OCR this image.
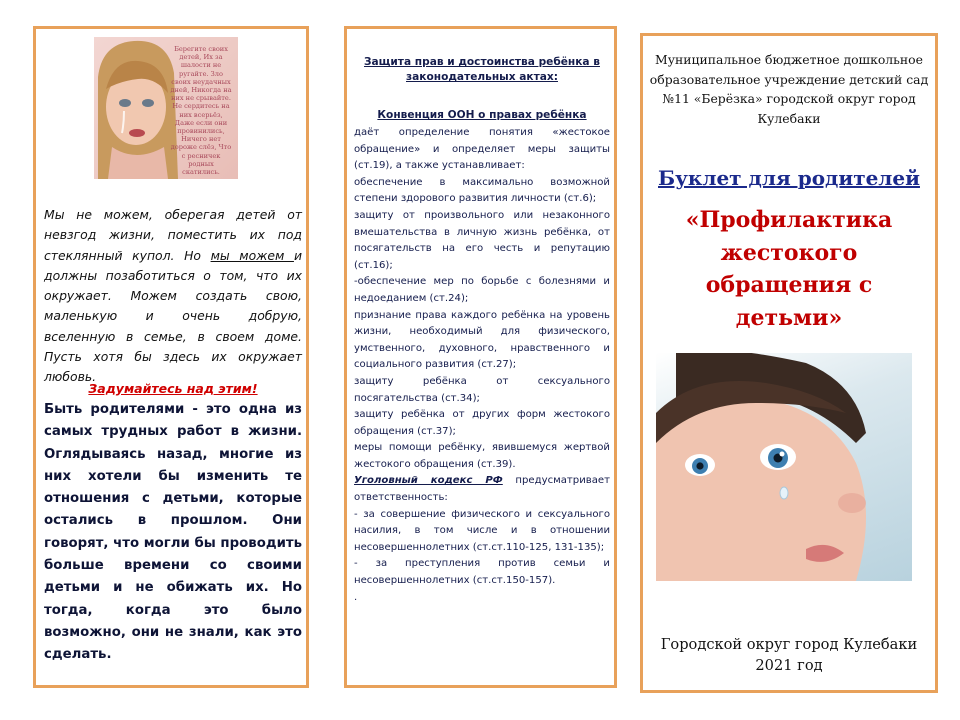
Берегите своих детей, Их за шалости не ругайте. Зло своих неудачных дней, Никогда на них не срывайте. Не сердитесь на них всерьёз, Даже если они провинились, Ничего нет дороже слёз, Что с ресничек родных скатились.
Мы не можем, оберегая детей от невзгод жизни, поместить их под стеклянный купол. Но мы можем и должны позаботиться о том, что их окружает. Можем создать свою, маленькую и очень добрую, вселенную в семье, в своем доме. Пусть хотя бы здесь их окружает любовь.
Задумайтесь над этим!
Быть родителями - это одна из самых трудных работ в жизни. Оглядываясь назад, многие из них хотели бы изменить те отношения с детьми, которые остались в прошлом. Они говорят, что могли бы проводить больше времени со своими детьми и не обижать их. Но тогда, когда это было возможно, они не знали, как это сделать.
Защита прав и достоинства ребёнка в законодательных актах:
Конвенция ООН о правах ребёнка

даёт определение понятия «жестокое обращение» и определяет меры защиты (ст.19), а также устанавливает:

обеспечение в максимально возможной степени здорового развития личности (ст.6);

защиту от произвольного или незаконного вмешательства в личную жизнь ребёнка, от посягательств на его честь и репутацию (ст.16);

-обеспечение мер по борьбе с болезнями и недоеданием (ст.24);

признание права каждого ребёнка на уровень жизни, необходимый для физического, умственного, духовного, нравственного и социального развития (ст.27);

защиту ребёнка от сексуального посягательства (ст.34);

защиту ребёнка от других форм жестокого обращения (ст.37);

меры помощи ребёнку, явившемуся жертвой жестокого обращения (ст.39).

Уголовный кодекс РФ предусматривает ответственность:

- за совершение физического и сексуального насилия, в том числе и в отношении несовершеннолетних (ст.ст.110-125, 131-135);

- за преступления против семьи и несовершеннолетних (ст.ст.150-157).

.

Муниципальное бюджетное дошкольное образовательное учреждение детский сад №11 «Берёзка» городской округ город Кулебаки
Буклет для родителей
«Профилактика жестокого обращения с детьми»
Городской округ город Кулебаки
2021 год
